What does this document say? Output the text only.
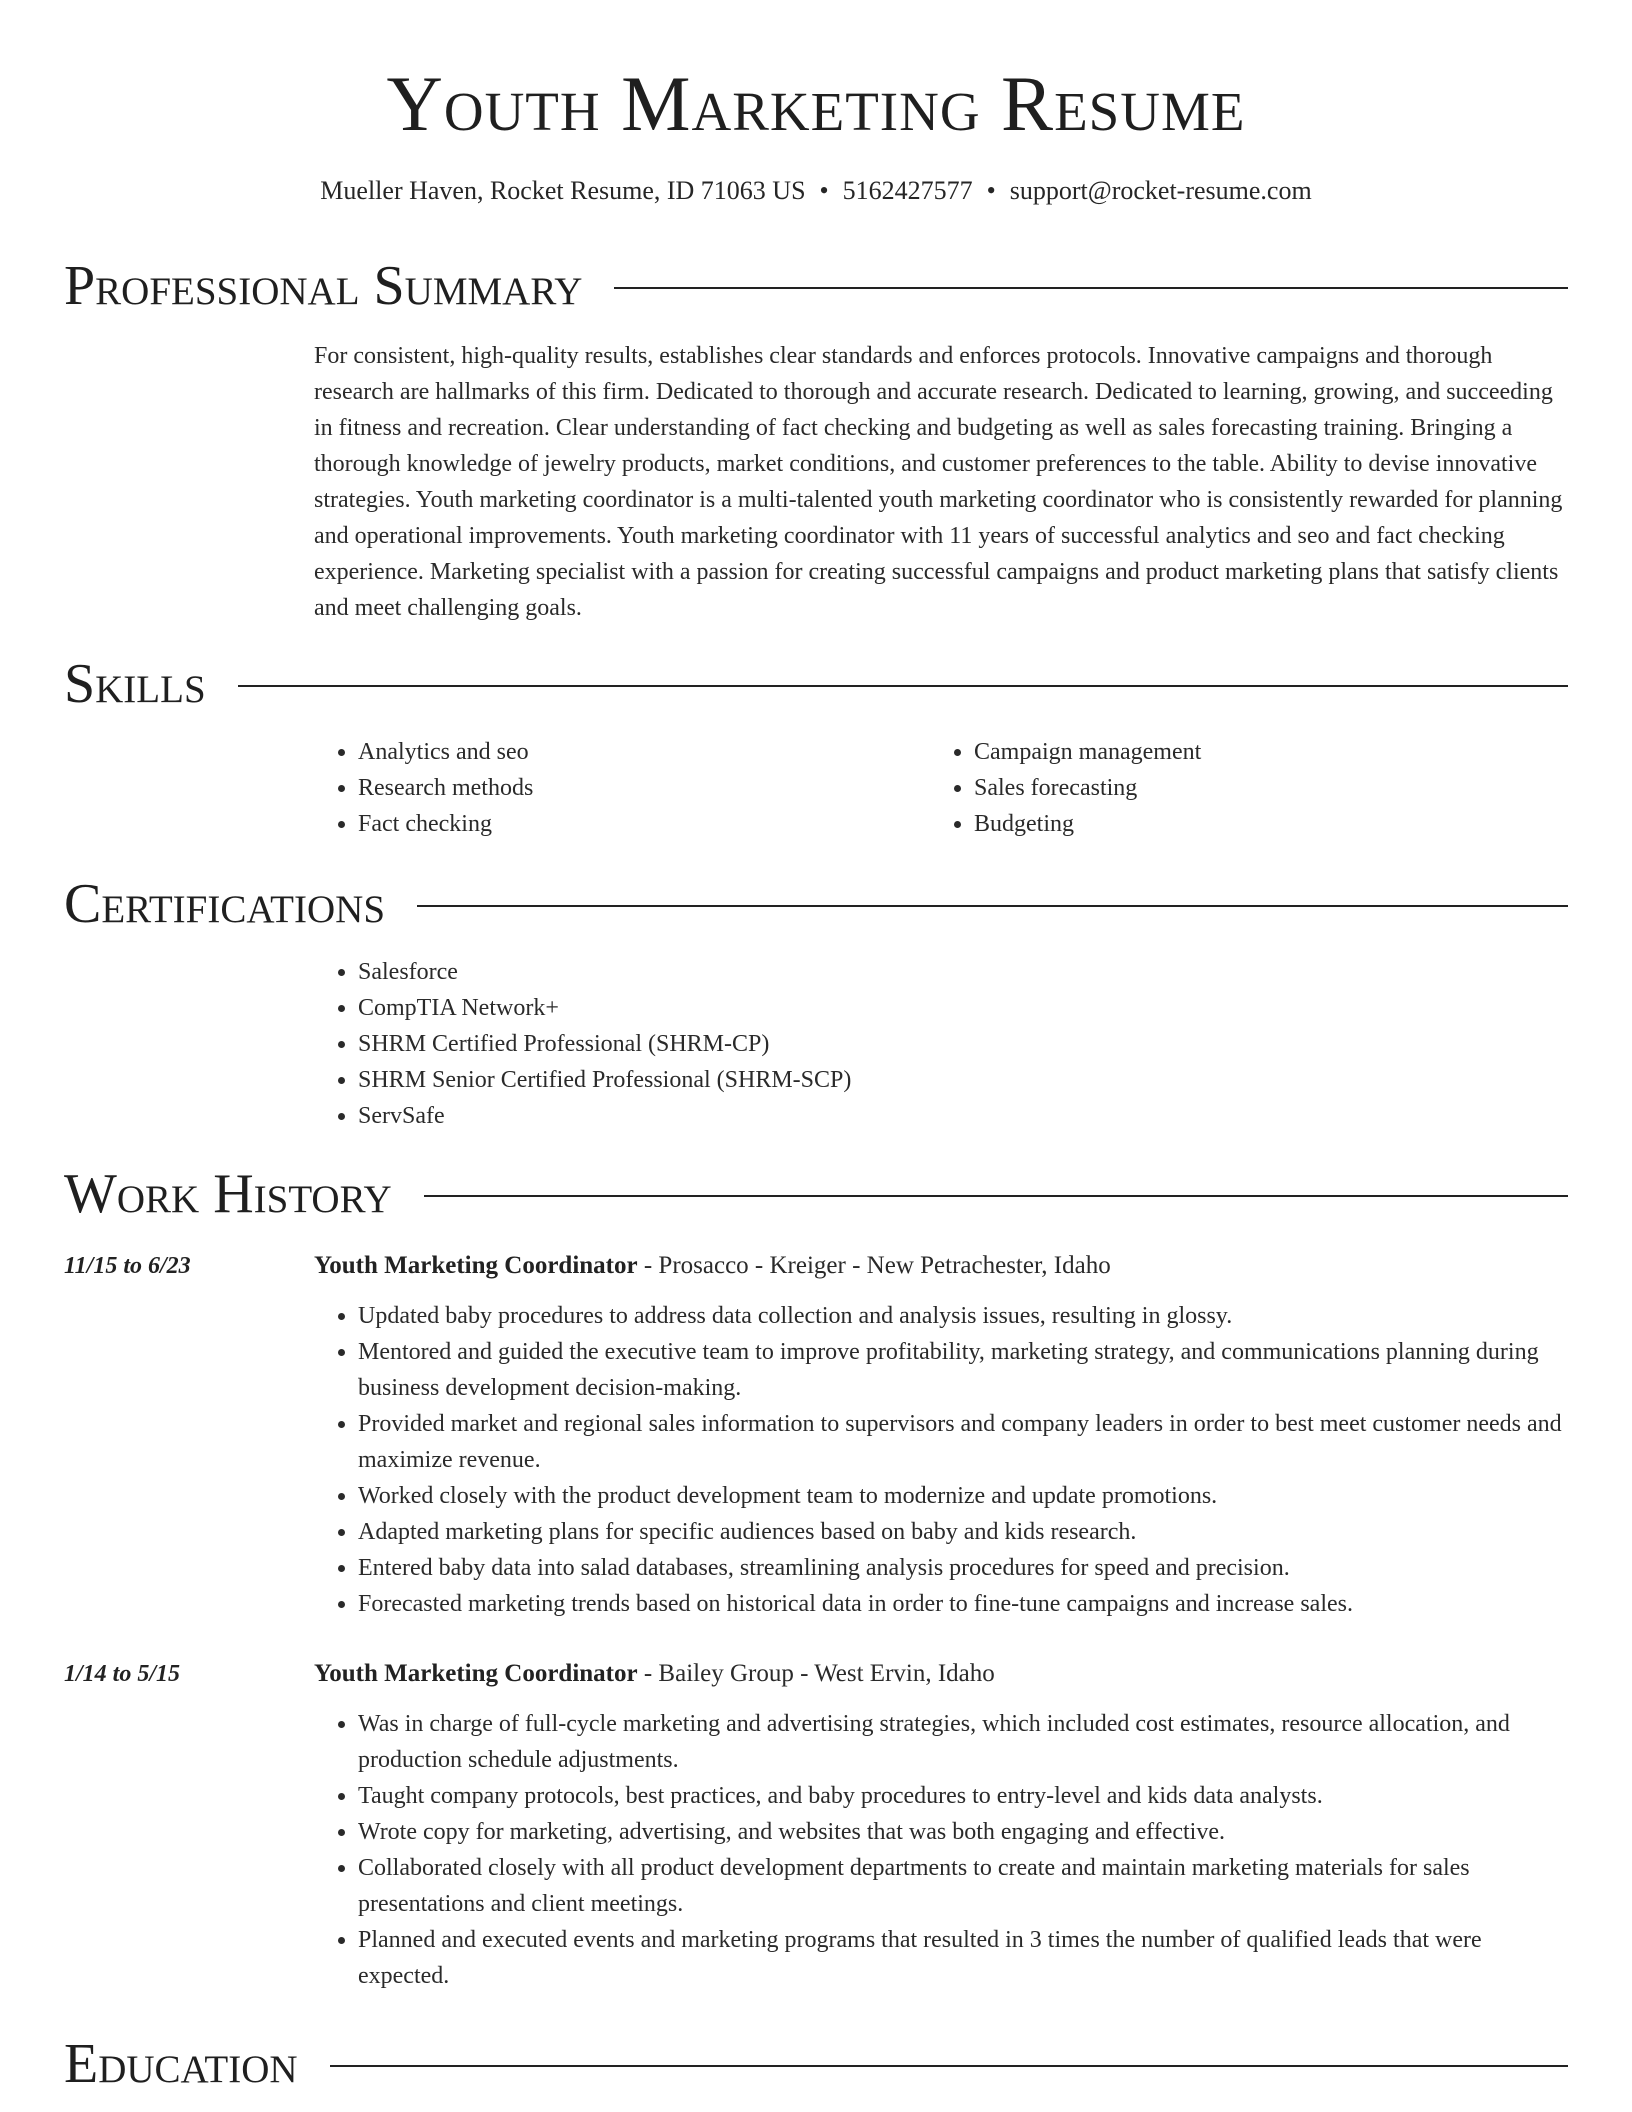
Youth Marketing Resume
Mueller Haven, Rocket Resume, ID 71063 US • 5162427577 • support@rocket-resume.com
Professional Summary
For consistent, high-quality results, establishes clear standards and enforces protocols. Innovative campaigns and thorough research are hallmarks of this firm. Dedicated to thorough and accurate research. Dedicated to learning, growing, and succeeding in fitness and recreation. Clear understanding of fact checking and budgeting as well as sales forecasting training. Bringing a thorough knowledge of jewelry products, market conditions, and customer preferences to the table. Ability to devise innovative strategies. Youth marketing coordinator is a multi-talented youth marketing coordinator who is consistently rewarded for planning and operational improvements. Youth marketing coordinator with 11 years of successful analytics and seo and fact checking experience. Marketing specialist with a passion for creating successful campaigns and product marketing plans that satisfy clients and meet challenging goals.
Skills
• Analytics and seo
• Research methods
• Fact checking
• Campaign management
• Sales forecasting
• Budgeting
Certifications
• Salesforce
• CompTIA Network+
• SHRM Certified Professional (SHRM-CP)
• SHRM Senior Certified Professional (SHRM-SCP)
• ServSafe
Work History
11/15 to 6/23	Youth Marketing Coordinator - Prosacco - Kreiger - New Petrachester, Idaho
• Updated baby procedures to address data collection and analysis issues, resulting in glossy.
• Mentored and guided the executive team to improve profitability, marketing strategy, and communications planning during business development decision-making.
• Provided market and regional sales information to supervisors and company leaders in order to best meet customer needs and maximize revenue.
• Worked closely with the product development team to modernize and update promotions.
• Adapted marketing plans for specific audiences based on baby and kids research.
• Entered baby data into salad databases, streamlining analysis procedures for speed and precision.
• Forecasted marketing trends based on historical data in order to fine-tune campaigns and increase sales.
1/14 to 5/15	Youth Marketing Coordinator - Bailey Group - West Ervin, Idaho
• Was in charge of full-cycle marketing and advertising strategies, which included cost estimates, resource allocation, and production schedule adjustments.
• Taught company protocols, best practices, and baby procedures to entry-level and kids data analysts.
• Wrote copy for marketing, advertising, and websites that was both engaging and effective.
• Collaborated closely with all product development departments to create and maintain marketing materials for sales presentations and client meetings.
• Planned and executed events and marketing programs that resulted in 3 times the number of qualified leads that were expected.
Education
